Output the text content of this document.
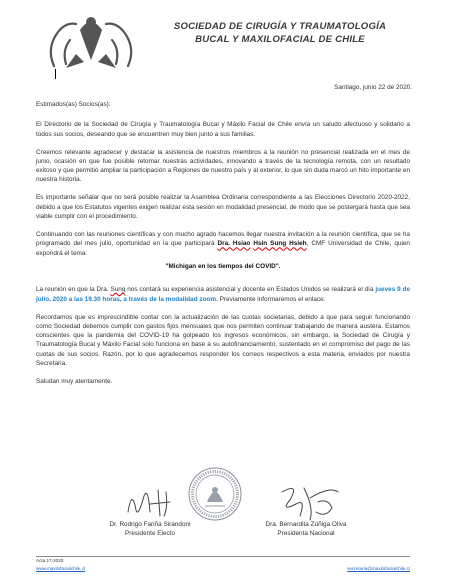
SOCIEDAD DE CIRUGÍA Y TRAUMATOLOGÍA
BUCAL Y MAXILOFACIAL DE CHILE
Santiago, junio 22 de 2020.

Estimados(as) Socios(as):

El Directorio de la Sociedad de Cirugía y Traumatología Bucal y Máxilo Facial de Chile envía un saludo afectuoso y solidario a todos sus socios, deseando que se encuentren muy bien junto a sus familias.

Creemos relevante agradecer y destacar la asistencia de nuestros miembros a la reunión no presencial realizada en el mes de junio, ocasión en que fue posible retomar nuestras actividades, innovando a través de la tecnología remota, con un resultado exitoso y que permitió ampliar la participación a Regiones de nuestro país y al exterior, lo que sin duda marcó un hito importante en nuestra historia.

Es importante señalar que no será posible realizar la Asamblea Ordinaria correspondiente a las Elecciones Directorio 2020-2022, debido a que los Estatutos vigentes exigen realizar esta sesión en modalidad presencial, de modo que se postergará hasta que sea viable cumplir con el procedimiento.

Continuando con las reuniones científicas y con mucho agrado hacemos llegar nuestra invitación a la reunión científica, que se ha programado del mes julio, oportunidad en la que participará Dra. Hsiao Hsin Sung Hsieh, CMF Universidad de Chile, quien expondrá el tema:

"Michigan en los tiempos del COVID".

La reunión en que la Dra. Sung nos contará su experiencia asistencial y docente en Estados Unidos se realizará el día jueves 9 de julio, 2020 a las 19.30 horas, a través de la modalidad zoom. Previamente informaremos el enlace.

Recordamos que es imprescindible contar con la actualización de las cuotas societarias, debido a que para seguir funcionando como Sociedad debemos cumplir con gastos fijos mensuales que nos permiten continuar trabajando de manera austera. Estamos conscientes que la pandemia del COVID-19 ha golpeado los ingresos económicos, sin embargo, la Sociedad de Cirugía y Traumatología Bucal y Máxilo Facial solo funciona en base a su autofinanciamiento, sustentado en el compromiso del pago de las cuotas de sus socios. Razón, por lo que agradecemos responder los correos respectivos a esta materia, enviados por nuestra Secretaria.

Saludan muy atentamente.

Dr. Rodrigo Fariña Sirandoni
Presidente Electo
Dra. Bernardita Zúñiga Oliva
Presidenta Nacional
Acta 17-2020
www.maxilofacialchile.cl	secretaria@maxilofacialchile.cl
